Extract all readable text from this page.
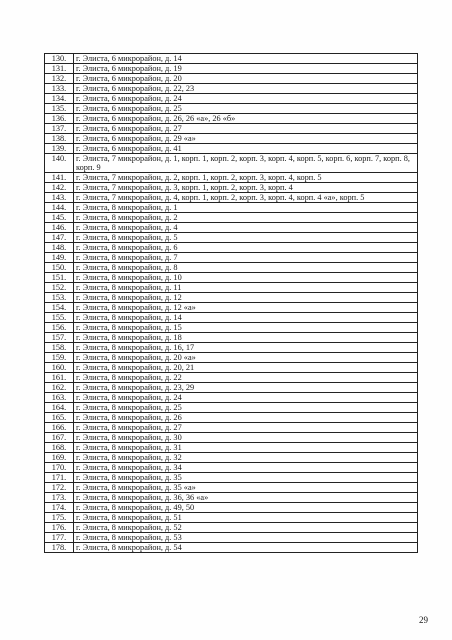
130.	г. Элиста, 6 микрорайон, д. 14
131.	г. Элиста, 6 микрорайон, д. 19
132.	г. Элиста, 6 микрорайон, д. 20
133.	г. Элиста, 6 микрорайон, д. 22, 23
134.	г. Элиста, 6 микрорайон, д. 24
135.	г. Элиста, 6 микрорайон, д. 25
136.	г. Элиста, 6 микрорайон, д. 26, 26 «а», 26 «б»
137.	г. Элиста, 6 микрорайон, д. 27
138.	г. Элиста, 6 микрорайон, д. 29 «а»
139.	г. Элиста, 6 микрорайон, д. 41
140.	г. Элиста, 7 микрорайон, д. 1, корп. 1, корп. 2, корп. 3, корп. 4, корп. 5, корп. 6, корп. 7, корп. 8, корп. 9
141.	г. Элиста, 7 микрорайон, д. 2, корп. 1, корп. 2, корп. 3, корп. 4, корп. 5
142.	г. Элиста, 7 микрорайон, д. 3, корп. 1, корп. 2, корп. 3, корп. 4
143.	г. Элиста, 7 микрорайон, д. 4, корп. 1, корп. 2, корп. 3, корп. 4, корп. 4 «а», корп. 5
144.	г. Элиста, 8 микрорайон, д. 1
145.	г. Элиста, 8 микрорайон, д. 2
146.	г. Элиста, 8 микрорайон, д. 4
147.	г. Элиста, 8 микрорайон, д. 5
148.	г. Элиста, 8 микрорайон, д. 6
149.	г. Элиста, 8 микрорайон, д. 7
150.	г. Элиста, 8 микрорайон, д. 8
151.	г. Элиста, 8 микрорайон, д. 10
152.	г. Элиста, 8 микрорайон, д. 11
153.	г. Элиста, 8 микрорайон, д. 12
154.	г. Элиста, 8 микрорайон, д. 12 «а»
155.	г. Элиста, 8 микрорайон, д. 14
156.	г. Элиста, 8 микрорайон, д. 15
157.	г. Элиста, 8 микрорайон, д. 18
158.	г. Элиста, 8 микрорайон, д. 16, 17
159.	г. Элиста, 8 микрорайон, д. 20 «а»
160.	г. Элиста, 8 микрорайон, д. 20, 21
161.	г. Элиста, 8 микрорайон, д. 22
162.	г. Элиста, 8 микрорайон, д. 23, 29
163.	г. Элиста, 8 микрорайон, д. 24
164.	г. Элиста, 8 микрорайон, д. 25
165.	г. Элиста, 8 микрорайон, д. 26
166.	г. Элиста, 8 микрорайон, д. 27
167.	г. Элиста, 8 микрорайон, д. 30
168.	г. Элиста, 8 микрорайон, д. 31
169.	г. Элиста, 8 микрорайон, д. 32
170.	г. Элиста, 8 микрорайон, д. 34
171.	г. Элиста, 8 микрорайон, д. 35
172.	г. Элиста, 8 микрорайон, д. 35 «а»
173.	г. Элиста, 8 микрорайон, д. 36, 36 «а»
174.	г. Элиста, 8 микрорайон, д. 49, 50
175.	г. Элиста, 8 микрорайон, д. 51
176.	г. Элиста, 8 микрорайон, д. 52
177.	г. Элиста, 8 микрорайон, д. 53
178.	г. Элиста, 8 микрорайон, д. 54
29
